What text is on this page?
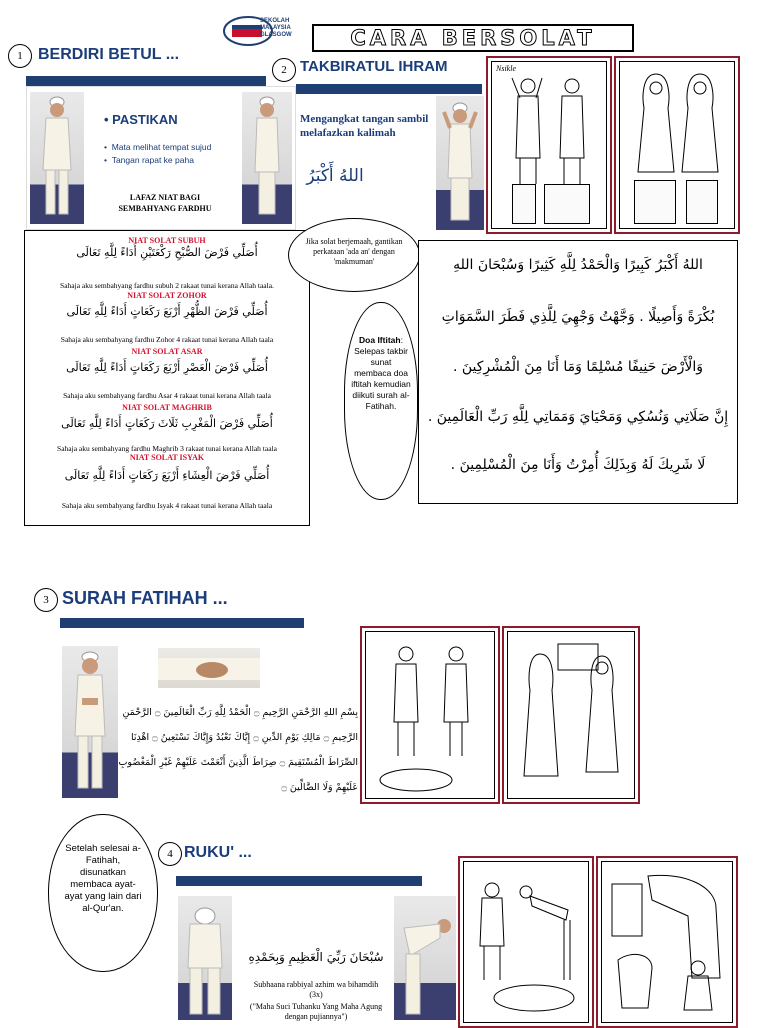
SEKOLAH
MALAYSIA
GLASGOW	CARA BERSOLAT
1 BERDIRI BETUL ...
• PASTIKAN
•  Mata melihat tempat sujud
•  Tangan rapat ke paha
LAFAZ NIAT BAGI SEMBAHYANG FARDHU
2 TAKBIRATUL IHRAM
Mengangkat tangan sambil melafazkan kalimah
اللهُ أَكْبَرُ
Nsikle
NIAT SOLAT SUBUH
أُصَلِّي فَرْضَ الصُّبْحِ رَكْعَتَيْنِ أَدَاءً لِلَّهِ تَعَالَى
Sahaja aku sembahyang fardhu subuh 2 rakaat tunai kerana Allah taala.
NIAT SOLAT ZOHOR
أُصَلِّي فَرْضَ الظُّهْرِ أَرْبَعَ رَكَعَاتٍ أَدَاءً لِلَّهِ تَعَالَى
Sahaja aku sembahyang fardhu Zohor 4 rakaat tunai kerana Allah taala
NIAT SOLAT ASAR
أُصَلِّي فَرْضَ الْعَصْرِ أَرْبَعَ رَكَعَاتٍ أَدَاءً لِلَّهِ تَعَالَى
Sahaja aku sembahyang fardhu Asar 4 rakaat tunai kerana Allah taala
NIAT SOLAT MAGHRIB
أُصَلِّي فَرْضَ الْمَغْرِبِ ثَلَاثَ رَكَعَاتٍ أَدَاءً لِلَّهِ تَعَالَى
Sahaja aku sembahyang fardhu Maghrib 3 rakaat tunai kerana Allah taala
NIAT SOLAT ISYAK
أُصَلِّي فَرْضَ الْعِشَاءِ أَرْبَعَ رَكَعَاتٍ أَدَاءً لِلَّهِ تَعَالَى
Sahaja aku sembahyang fardhu Isyak 4 rakaat tunai kerana Allah taala
Jika solat berjemaah, gantikan perkataan 'ada an' dengan 'makmuman'
Doa Iftitah: Selepas takbir sunat membaca doa iftitah kemudian diikuti surah al-Fatihah.
اللهُ أَكْبَرُ كَبِيرًا وَالْحَمْدُ لِلَّهِ كَثِيرًا وَسُبْحَانَ اللهِ
بُكْرَةً وَأَصِيلًا . وَجَّهْتُ وَجْهِيَ لِلَّذِي فَطَرَ السَّمَوَاتِ
وَالْأَرْضَ حَنِيفًا مُسْلِمًا وَمَا أَنَا مِنَ الْمُشْرِكِينَ .
إِنَّ صَلَاتِي وَنُسُكِي وَمَحْيَايَ وَمَمَاتِي لِلَّهِ رَبِّ الْعَالَمِينَ .
لَا شَرِيكَ لَهُ وَبِذَلِكَ أُمِرْتُ وَأَنَا مِنَ الْمُسْلِمِينَ .
3 SURAH FATIHAH ...
بِسْمِ اللهِ الرَّحْمَنِ الرَّحِيمِ ۝ الْحَمْدُ لِلَّهِ رَبِّ الْعَالَمِينَ ۝ الرَّحْمَنِ
الرَّحِيمِ ۝ مَالِكِ يَوْمِ الدِّينِ ۝ إِيَّاكَ نَعْبُدُ وَإِيَّاكَ نَسْتَعِينُ ۝ اهْدِنَا
الصِّرَاطَ الْمُسْتَقِيمَ ۝ صِرَاطَ الَّذِينَ أَنْعَمْتَ عَلَيْهِمْ غَيْرِ الْمَغْضُوبِ
عَلَيْهِمْ وَلَا الضَّالِّينَ ۝
Setelah selesai a-Fatihah, disunatkan membaca ayat-ayat yang lain dari al-Qur'an.
4 RUKU' ...
سُبْحَانَ رَبِّيَ الْعَظِيمِ وَبِحَمْدِهِ
Subhaana rabbiyal azhim wa bihamdih (3x)
("Maha Suci Tuhanku Yang Maha Agung dengan pujiannya")
